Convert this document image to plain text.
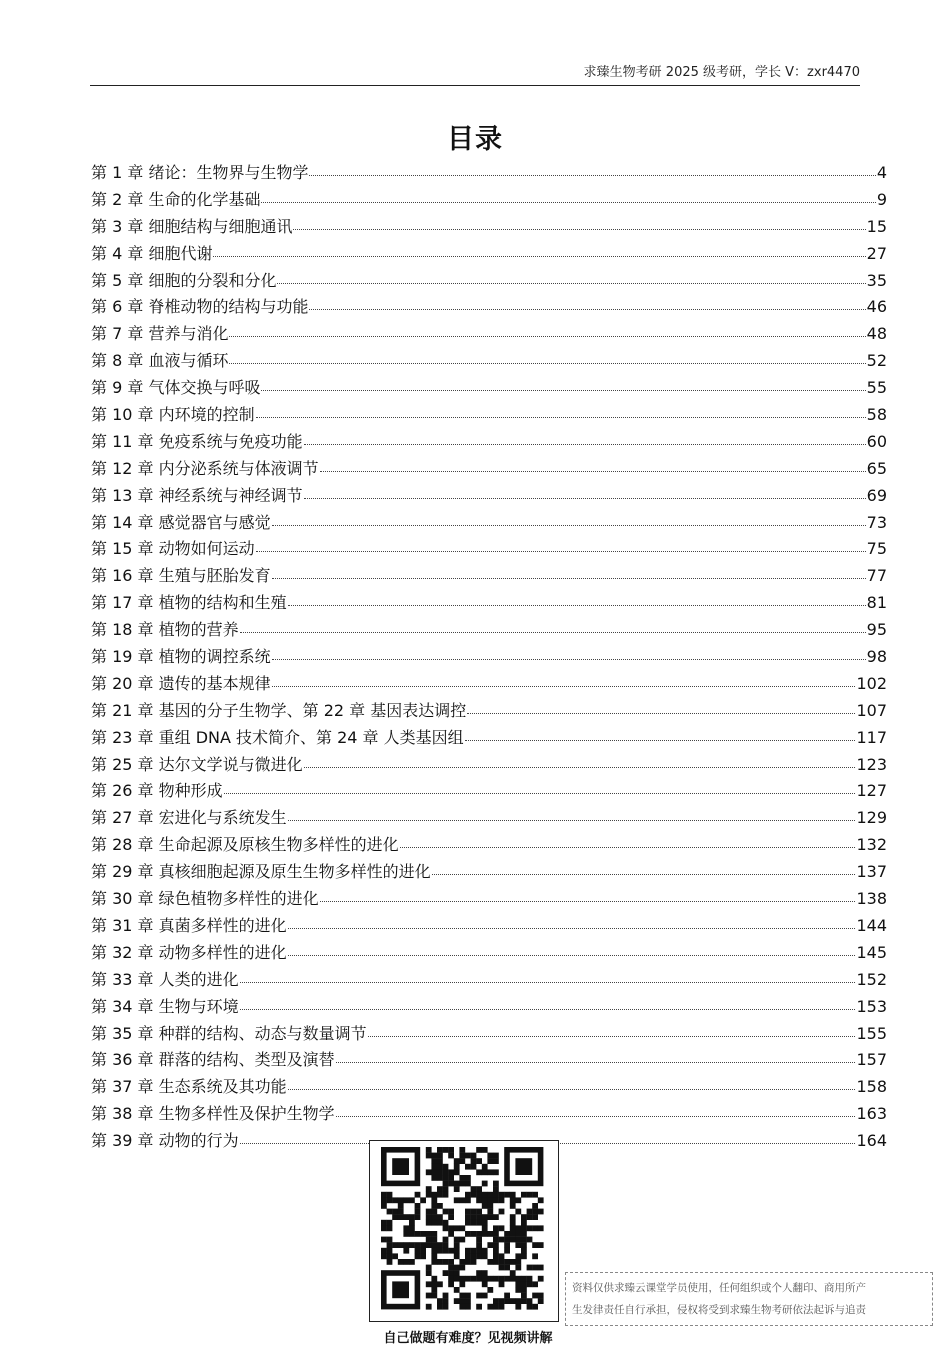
求臻生物考研 2025 级考研，学长 V：zxr4470
目录
第 1 章 绪论：生物界与生物学	4
第 2 章 生命的化学基础	9
第 3 章 细胞结构与细胞通讯	15
第 4 章 细胞代谢	27
第 5 章 细胞的分裂和分化	35
第 6 章 脊椎动物的结构与功能	46
第 7 章 营养与消化	48
第 8 章 血液与循环	52
第 9 章 气体交换与呼吸	55
第 10 章 内环境的控制	58
第 11 章 免疫系统与免疫功能	60
第 12 章 内分泌系统与体液调节	65
第 13 章 神经系统与神经调节	69
第 14 章 感觉器官与感觉	73
第 15 章 动物如何运动	75
第 16 章 生殖与胚胎发育	77
第 17 章 植物的结构和生殖	81
第 18 章 植物的营养	95
第 19 章 植物的调控系统	98
第 20 章 遗传的基本规律	102
第 21 章 基因的分子生物学、第 22 章 基因表达调控	107
第 23 章 重组 DNA 技术简介、第 24 章 人类基因组	117
第 25 章 达尔文学说与微进化	123
第 26 章 物种形成	127
第 27 章 宏进化与系统发生	129
第 28 章 生命起源及原核生物多样性的进化	132
第 29 章 真核细胞起源及原生生物多样性的进化	137
第 30 章 绿色植物多样性的进化	138
第 31 章 真菌多样性的进化	144
第 32 章 动物多样性的进化	145
第 33 章 人类的进化	152
第 34 章 生物与环境	153
第 35 章 种群的结构、动态与数量调节	155
第 36 章 群落的结构、类型及演替	157
第 37 章 生态系统及其功能	158
第 38 章 生物多样性及保护生物学	163
第 39 章 动物的行为	164
自己做题有难度？见视频讲解
资料仅供求臻云课堂学员使用，任何组织或个人翻印、商用所产
生发律责任自行承担，侵权将受到求臻生物考研依法起诉与追责
